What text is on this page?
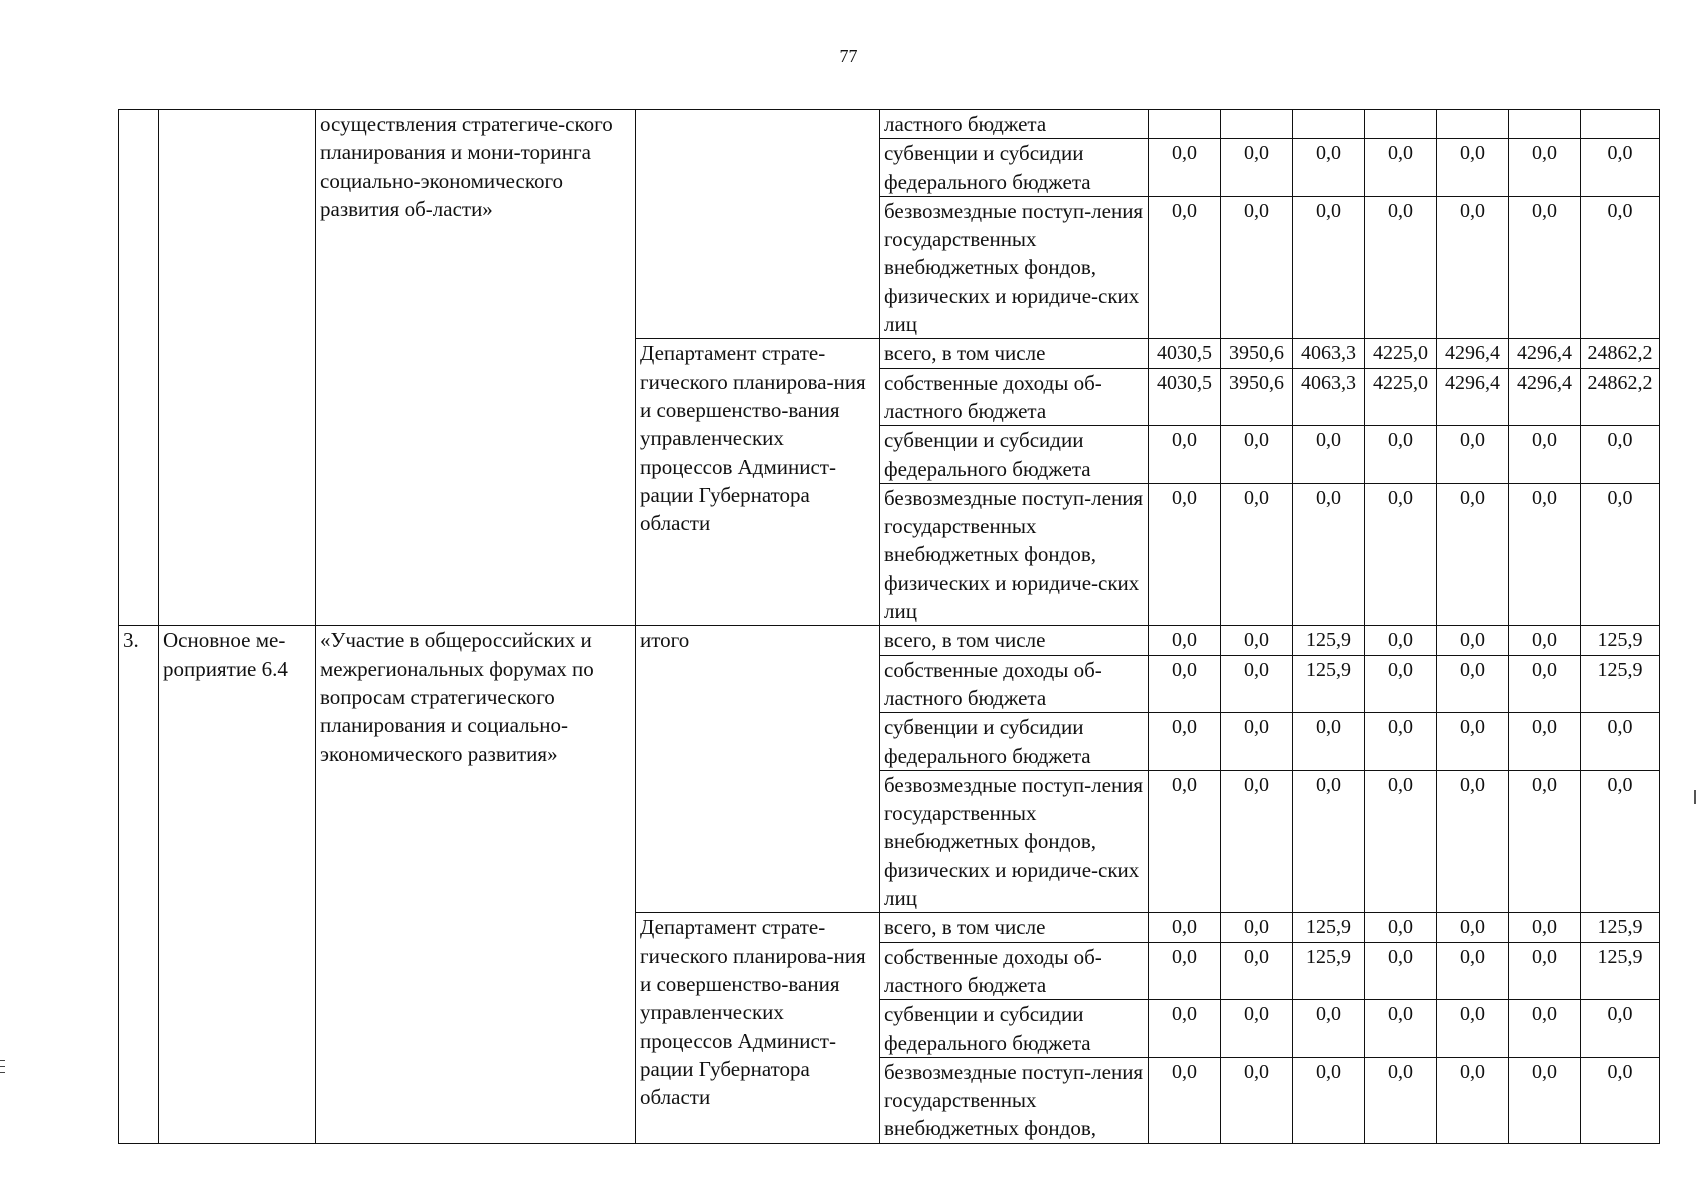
77
		осуществления стратегиче-ского планирования и мони-торинга социально-экономического развития об-ласти»		ластного бюджета							
				субвенции и субсидии федерального бюджета	0,0	0,0	0,0	0,0	0,0	0,0	0,0
				безвозмездные поступ-ления государственных внебюджетных фондов, физических и юридиче-ских лиц	0,0	0,0	0,0	0,0	0,0	0,0	0,0
			Департамент страте-гического планирова-ния и совершенство-вания управленческих процессов Админист-рации Губернатора области	всего, в том числе	4030,5	3950,6	4063,3	4225,0	4296,4	4296,4	24862,2
				собственные доходы об-ластного бюджета	4030,5	3950,6	4063,3	4225,0	4296,4	4296,4	24862,2
				субвенции и субсидии федерального бюджета	0,0	0,0	0,0	0,0	0,0	0,0	0,0
				безвозмездные поступ-ления государственных внебюджетных фондов, физических и юридиче-ских лиц	0,0	0,0	0,0	0,0	0,0	0,0	0,0
3.	Основное ме-роприятие 6.4	«Участие в общероссийских и межрегиональных форумах по вопросам стратегического планирования и социально-экономического развития»	итого	всего, в том числе	0,0	0,0	125,9	0,0	0,0	0,0	125,9
				собственные доходы об-ластного бюджета	0,0	0,0	125,9	0,0	0,0	0,0	125,9
				субвенции и субсидии федерального бюджета	0,0	0,0	0,0	0,0	0,0	0,0	0,0
				безвозмездные поступ-ления государственных внебюджетных фондов, физических и юридиче-ских лиц	0,0	0,0	0,0	0,0	0,0	0,0	0,0
			Департамент страте-гического планирова-ния и совершенство-вания управленческих процессов Админист-рации Губернатора области	всего, в том числе	0,0	0,0	125,9	0,0	0,0	0,0	125,9
				собственные доходы об-ластного бюджета	0,0	0,0	125,9	0,0	0,0	0,0	125,9
				субвенции и субсидии федерального бюджета	0,0	0,0	0,0	0,0	0,0	0,0	0,0
				безвозмездные поступ-ления государственных внебюджетных фондов,	0,0	0,0	0,0	0,0	0,0	0,0	0,0
